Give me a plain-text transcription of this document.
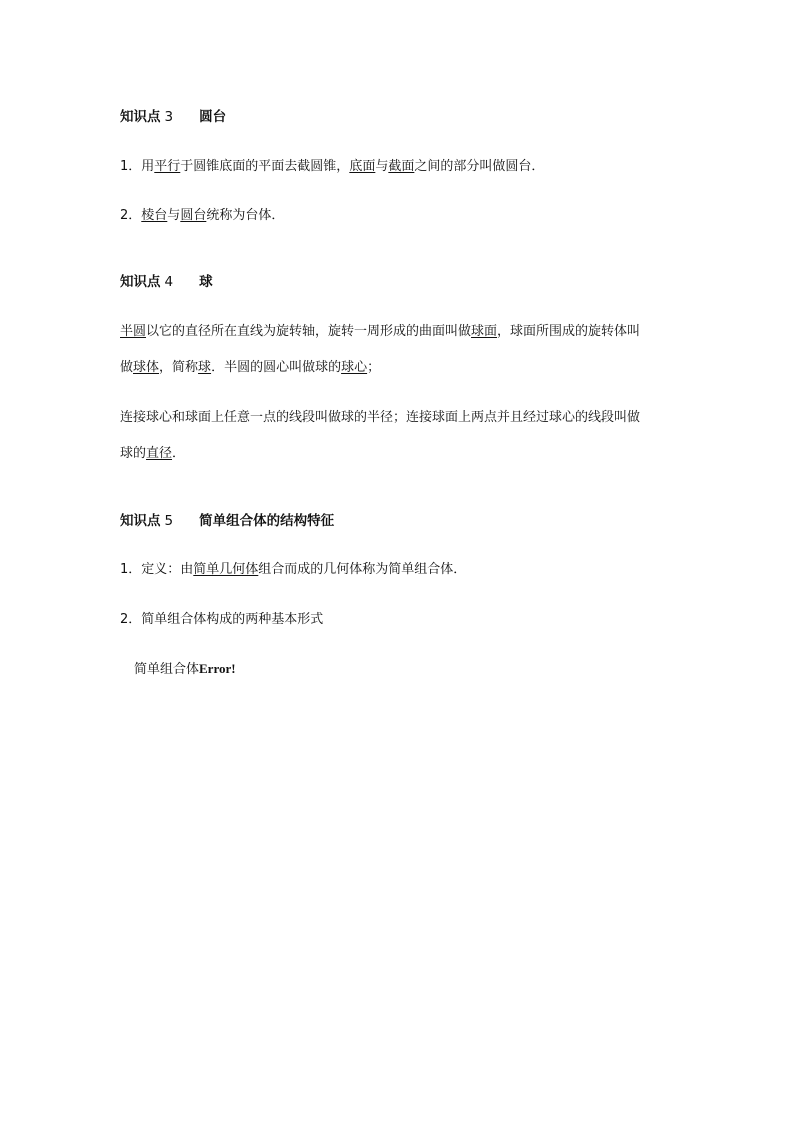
知识点 3 圆台
1．用平行于圆锥底面的平面去截圆锥，底面与截面之间的部分叫做圆台．
2．棱台与圆台统称为台体．
知识点 4 球
半圆以它的直径所在直线为旋转轴，旋转一周形成的曲面叫做球面，球面所围成的旋转体叫
做球体，简称球．半圆的圆心叫做球的球心；
连接球心和球面上任意一点的线段叫做球的半径；连接球面上两点并且经过球心的线段叫做
球的直径．
知识点 5 简单组合体的结构特征
1．定义：由简单几何体组合而成的几何体称为简单组合体．
2．简单组合体构成的两种基本形式
简单组合体Error!
